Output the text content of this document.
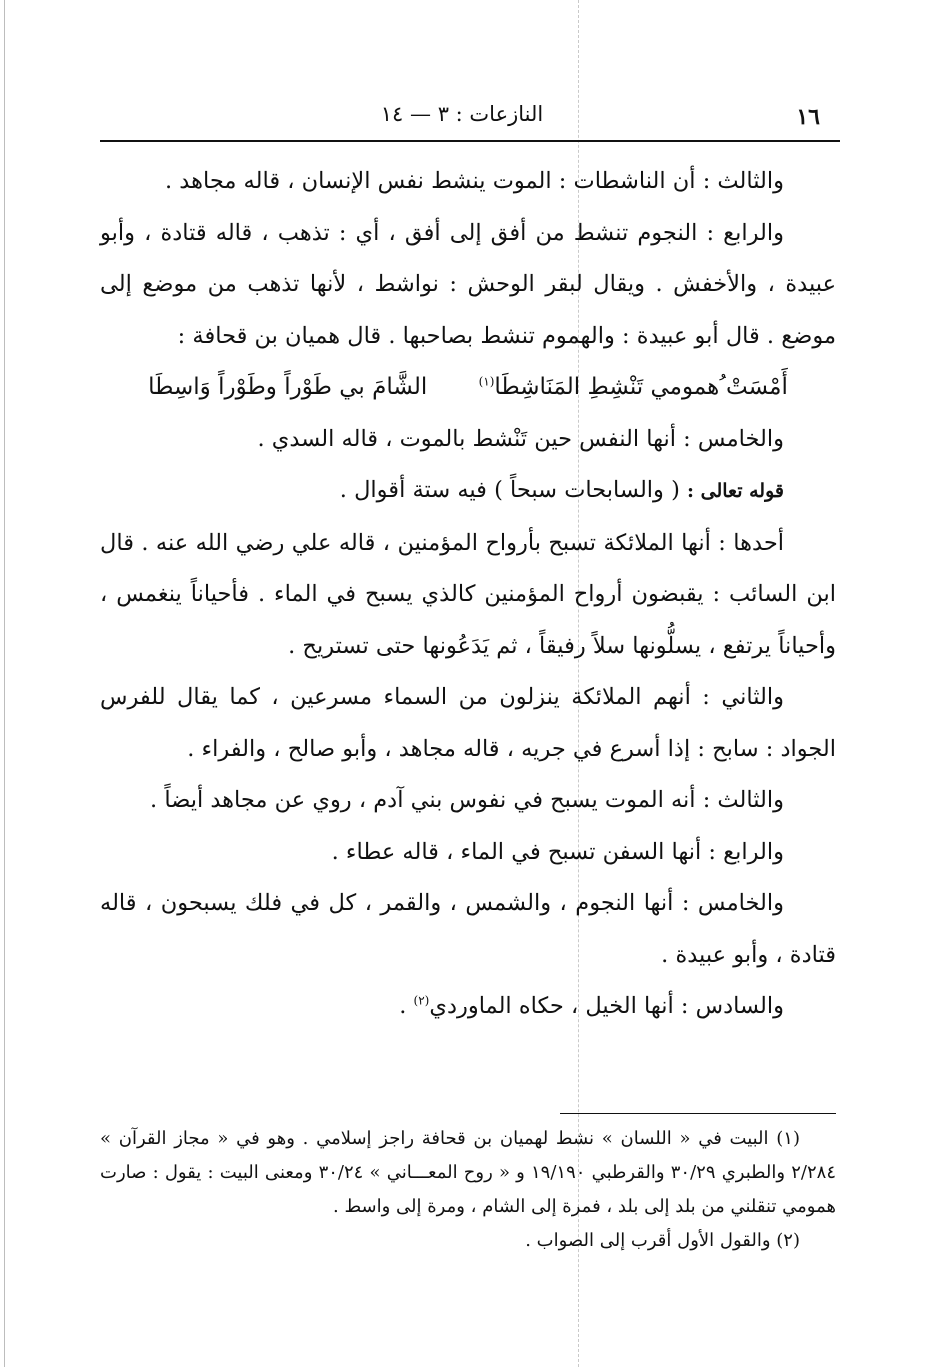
١٦
النازعات : ٣ — ١٤

والثالث : أن الناشطات : الموت ينشط نفس الإنسان ، قاله مجاهد .

والرابع : النجوم تنشط من أفق إلى أفق ، أي : تذهب ، قاله قتادة ، وأبو عبيدة ، والأخفش . ويقال لبقر الوحش : نواشط ، لأنها تذهب من موضع إلى موضع . قال أبو عبيدة : والهموم تنشط بصاحبها . قال هميان بن قحافة :

أَمْسَتْ ُهمومي تَنْشِطِ المَنَاشِطَا$^{(١)}$ الشَّامَ بي طَوْراً وطَوْراً وَاسِطَا

والخامس : أنها النفس حين تَنْشط بالموت ، قاله السدي .

قوله تعالى : ( والسابحات سبحاً ) فيه ستة أقوال .

أحدها : أنها الملائكة تسبح بأرواح المؤمنين ، قاله علي رضي الله عنه . قال ابن السائب : يقبضون أرواح المؤمنين كالذي يسبح في الماء . فأحياناً ينغمس ، وأحياناً يرتفع ، يسلُّونها سلاً رفيقاً ، ثم يَدَعُونها حتى تستريح .

والثاني : أنهم الملائكة ينزلون من السماء مسرعين ، كما يقال للفرس الجواد : سابح : إذا أسرع في جريه ، قاله مجاهد ، وأبو صالح ، والفراء .

والثالث : أنه الموت يسبح في نفوس بني آدم ، روي عن مجاهد أيضاً .

والرابع : أنها السفن تسبح في الماء ، قاله عطاء .

والخامس : أنها النجوم ، والشمس ، والقمر ، كل في فلك يسبحون ، قاله قتادة ، وأبو عبيدة .

والسادس : أنها الخيل ، حكاه الماوردي$^{(٢)}$ .

(١) البيت في « اللسان » نشط لهميان بن قحافة راجز إسلامي . وهو في « مجاز القرآن » ٢/٢٨٤ والطبري ٣٠/٢٩ والقرطبي ١٩/١٩٠ و « روح المعـــاني » ٣٠/٢٤ ومعنى البيت : يقول : صارت همومي تنقلني من بلد إلى بلد ، فمرة إلى الشام ، ومرة إلى واسط .

(٢) والقول الأول أقرب إلى الصواب .
